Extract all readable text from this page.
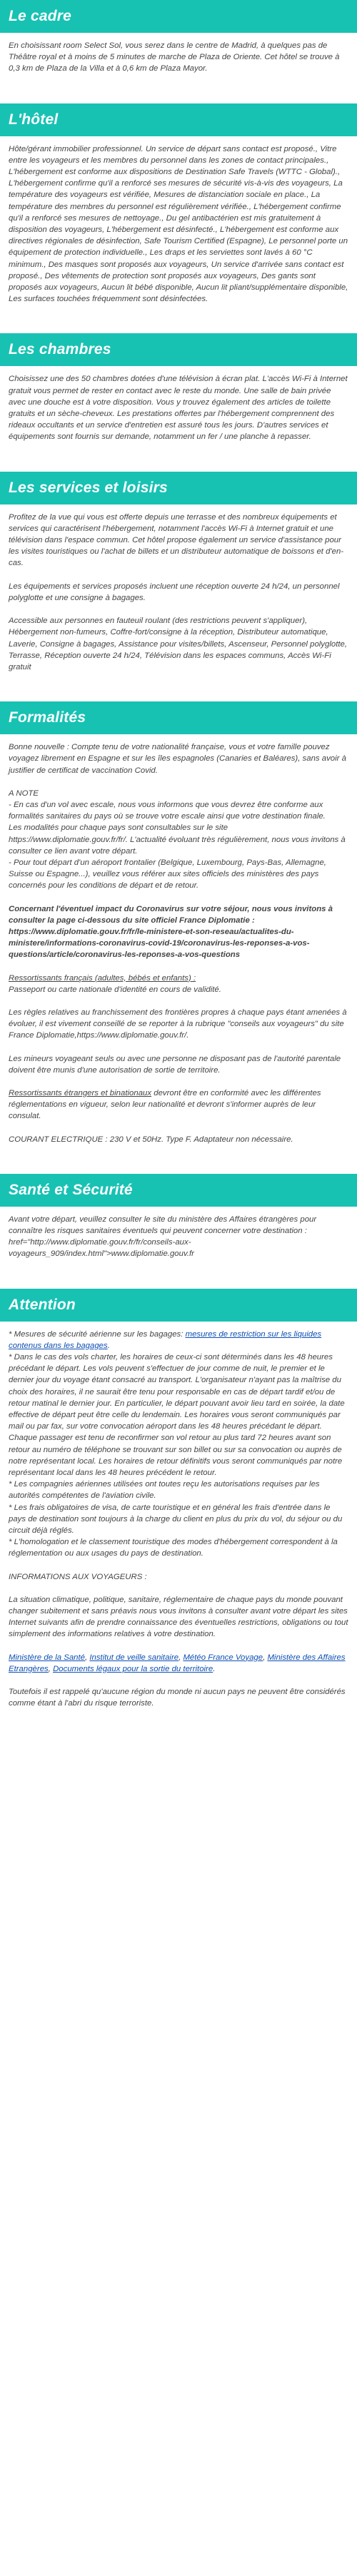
Le cadre

En choisissant room Select Sol, vous serez dans le centre de Madrid, à quelques pas de Théâtre royal et à moins de 5 minutes de marche de Plaza de Oriente. Cet hôtel se trouve à 0,3 km de Plaza de la Villa et à 0,6 km de Plaza Mayor.

L'hôtel

Hôte/gérant immobilier professionnel. Un service de départ sans contact est proposé., Vitre entre les voyageurs et les membres du personnel dans les zones de contact principales., L'hébergement est conforme aux dispositions de Destination Safe Travels (WTTC - Global)., L'hébergement confirme qu'il a renforcé ses mesures de sécurité vis-à-vis des voyageurs, La température des voyageurs est vérifiée, Mesures de distanciation sociale en place., La température des membres du personnel est régulièrement vérifiée., L'hébergement confirme qu'il a renforcé ses mesures de nettoyage., Du gel antibactérien est mis gratuitement à disposition des voyageurs, L'hébergement est désinfecté., L'hébergement est conforme aux directives régionales de désinfection, Safe Tourism Certified (Espagne), Le personnel porte un équipement de protection individuelle., Les draps et les serviettes sont lavés à 60 °C minimum., Des masques sont proposés aux voyageurs, Un service d'arrivée sans contact est proposé., Des vêtements de protection sont proposés aux voyageurs, Des gants sont proposés aux voyageurs, Aucun lit bébé disponible, Aucun lit pliant/supplémentaire disponible, Les surfaces touchées fréquemment sont désinfectées.

Les chambres

Choisissez une des 50 chambres dotées d'une télévision à écran plat. L'accès Wi-Fi à Internet gratuit vous permet de rester en contact avec le reste du monde. Une salle de bain privée avec une douche est à votre disposition. Vous y trouvez également des articles de toilette gratuits et un sèche-cheveux. Les prestations offertes par l'hébergement comprennent des rideaux occultants et un service d'entretien est assuré tous les jours. D'autres services et équipements sont fournis sur demande, notamment un fer / une planche à repasser.

Les services et loisirs

Profitez de la vue qui vous est offerte depuis une terrasse et des nombreux équipements et services qui caractérisent l'hébergement, notamment l'accès Wi-Fi à Internet gratuit et une télévision dans l'espace commun. Cet hôtel propose également un service d'assistance pour les visites touristiques ou l'achat de billets et un distributeur automatique de boissons et d'en-cas.

Les équipements et services proposés incluent une réception ouverte 24 h/24, un personnel polyglotte et une consigne à bagages.

Accessible aux personnes en fauteuil roulant (des restrictions peuvent s'appliquer), Hébergement non-fumeurs, Coffre-fort/consigne à la réception, Distributeur automatique, Laverie, Consigne à bagages, Assistance pour visites/billets, Ascenseur, Personnel polyglotte, Terrasse, Réception ouverte 24 h/24, Télévision dans les espaces communs, Accès Wi-Fi gratuit

Formalités

Bonne nouvelle : Compte tenu de votre nationalité française, vous et votre famille pouvez voyagez librement en Espagne et sur les îles espagnoles (Canaries et Baléares), sans avoir à justifier de certificat de vaccination Covid.

A NOTE
- En cas d'un vol avec escale, nous vous informons que vous devrez être conforme aux formalités sanitaires du pays où se trouve votre escale ainsi que votre destination finale.
Les modalités pour chaque pays sont consultables sur le site https://www.diplomatie.gouv.fr/fr/. L'actualité évoluant très régulièrement, nous vous invitons à consulter ce lien avant votre départ.
- Pour tout départ d'un aéroport frontalier (Belgique, Luxembourg, Pays-Bas, Allemagne, Suisse ou Espagne...), veuillez vous référer aux sites officiels des ministères des pays concernés pour les conditions de départ et de retour.

Concernant l'éventuel impact du Coronavirus sur votre séjour, nous vous invitons à consulter la page ci-dessous du site officiel France Diplomatie : https://www.diplomatie.gouv.fr/fr/le-ministere-et-son-reseau/actualites-du-ministere/informations-coronavirus-covid-19/coronavirus-les-reponses-a-vos-questions/article/coronavirus-les-reponses-a-vos-questions

Ressortissants français (adultes, bébés et enfants) :
Passeport ou carte nationale d'identité en cours de validité.

Les règles relatives au franchissement des frontières propres à chaque pays étant amenées à évoluer, il est vivement conseillé de se reporter à la rubrique "conseils aux voyageurs" du site France Diplomatie,https://www.diplomatie.gouv.fr/.

Les mineurs voyageant seuls ou avec une personne ne disposant pas de l'autorité parentale doivent être munis d'une autorisation de sortie de territoire.

Ressortissants étrangers et binationaux devront être en conformité avec les différentes réglementations en vigueur, selon leur nationalité et devront s'informer auprès de leur consulat.

COURANT ELECTRIQUE : 230 V et 50Hz. Type F. Adaptateur non nécessaire.

Santé et Sécurité

Avant votre départ, veuillez consulter le site du ministère des Affaires étrangères pour connaître les risques sanitaires éventuels qui peuvent concerner votre destination : href="http://www.diplomatie.gouv.fr/fr/conseils-aux-voyageurs_909/index.html">www.diplomatie.gouv.fr

Attention

* Mesures de sécurité aérienne sur les bagages: mesures de restriction sur les liquides contenus dans les bagages.
* Dans le cas des vols charter, les horaires de ceux-ci sont déterminés dans les 48 heures précédant le départ. Les vols peuvent s'effectuer de jour comme de nuit, le premier et le dernier jour du voyage étant consacré au transport. L'organisateur n'ayant pas la maîtrise du choix des horaires, il ne saurait être tenu pour responsable en cas de départ tardif et/ou de retour matinal le dernier jour. En particulier, le départ pouvant avoir lieu tard en soirée, la date effective de départ peut être celle du lendemain. Les horaires vous seront communiqués par mail ou par fax, sur votre convocation aéroport dans les 48 heures précédant le départ. Chaque passager est tenu de reconfirmer son vol retour au plus tard 72 heures avant son retour au numéro de téléphone se trouvant sur son billet ou sur sa convocation ou auprès de notre représentant local. Les horaires de retour définitifs vous seront communiqués par notre représentant local dans les 48 heures précédent le retour.
* Les compagnies aériennes utilisées ont toutes reçu les autorisations requises par les autorités compétentes de l'aviation civile.
* Les frais obligatoires de visa, de carte touristique et en général les frais d'entrée dans le pays de destination sont toujours à la charge du client en plus du prix du vol, du séjour ou du circuit déjà réglés.
* L'homologation et le classement touristique des modes d'hébergement correspondent à la réglementation ou aux usages du pays de destination.

INFORMATIONS AUX VOYAGEURS :

La situation climatique, politique, sanitaire, réglementaire de chaque pays du monde pouvant changer subitement et sans préavis nous vous invitons à consulter avant votre départ les sites Internet suivants afin de prendre connaissance des éventuelles restrictions, obligations ou tout simplement des informations relatives à votre destination.

Ministère de la Santé, Institut de veille sanitaire, Météo France Voyage, Ministère des Affaires Etrangères, Documents légaux pour la sortie du territoire.

Toutefois il est rappelé qu'aucune région du monde ni aucun pays ne peuvent être considérés comme étant à l'abri du risque terroriste.
